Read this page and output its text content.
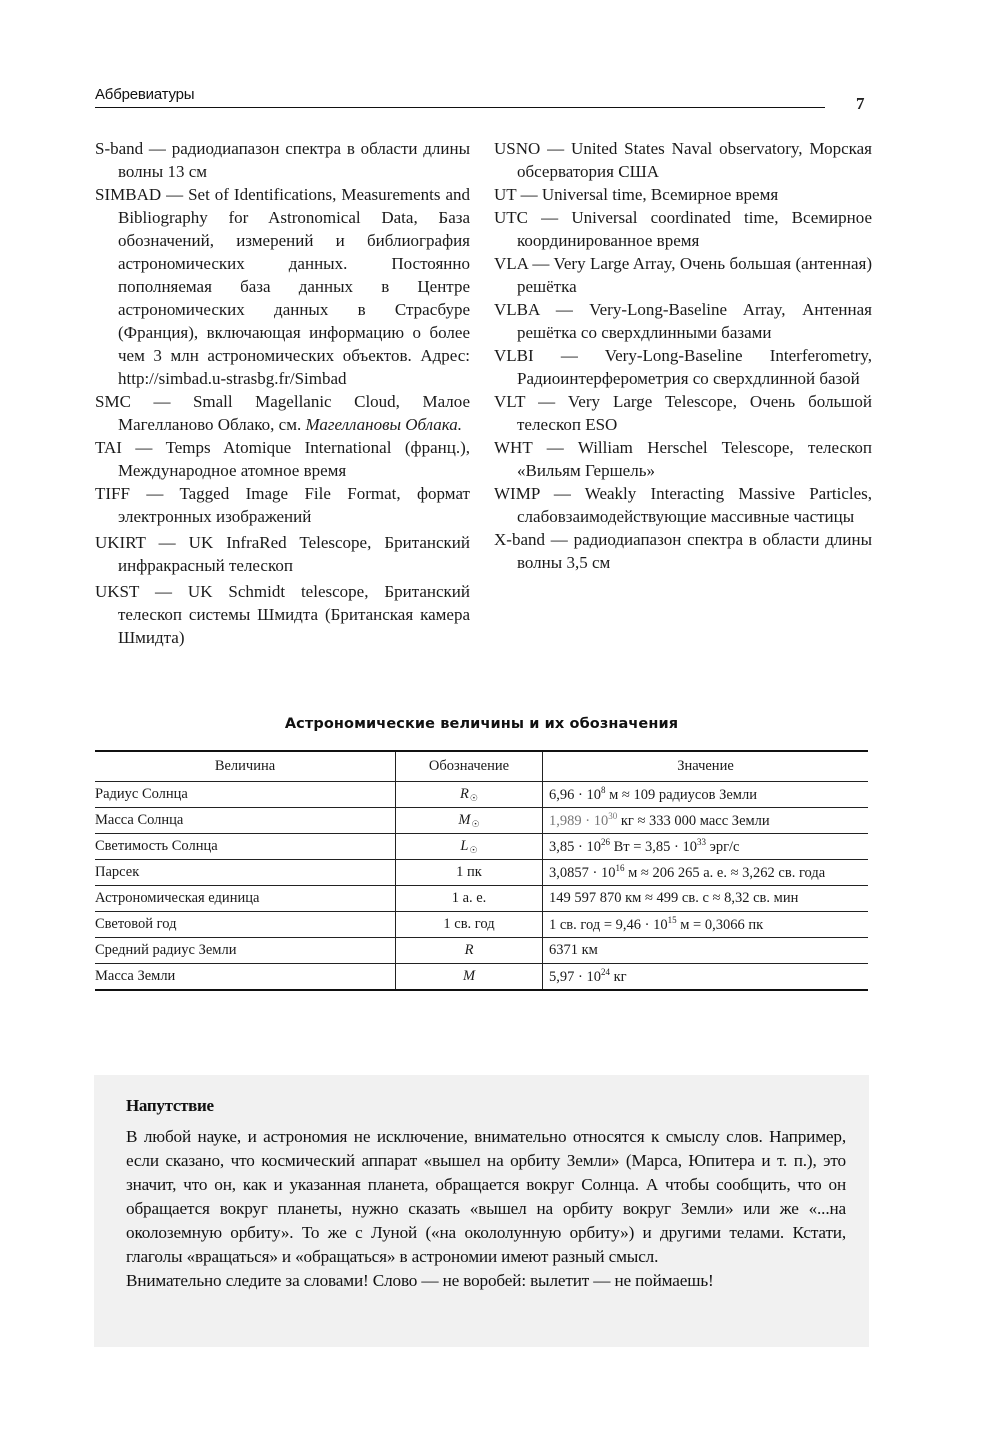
Аббревиатуры	7

S-band — радиодиапазон спектра в области длины волны 13 см

SIMBAD — Set of Identifications, Measurements and Bibliography for Astronomical Data, База обозначений, измерений и библиография астрономических данных. Постоянно пополняемая база данных в Центре астрономических данных в Страсбуре (Франция), включающая информацию о более чем 3 млн астрономических объектов. Адрес: http://simbad.u-strasbg.fr/Simbad

SMC — Small Magellanic Cloud, Малое Магелланово Облако, см. Магеллановы Облака.

TAI — Temps Atomique International (франц.), Международное атомное время

TIFF — Tagged Image File Format, формат электронных изображений

UKIRT — UK InfraRed Telescope, Британский инфракрасный телескоп

UKST — UK Schmidt telescope, Британский телескоп системы Шмидта (Британская камера Шмидта)

USNO — United States Naval observatory, Морская обсерватория США

UT — Universal time, Всемирное время

UTC — Universal coordinated time, Всемирное координированное время

VLA — Very Large Array, Очень большая (антенная) решётка

VLBA — Very-Long-Baseline Array, Антенная решётка со сверхдлинными базами

VLBI — Very-Long-Baseline Interferometry, Радиоинтерферометрия со сверхдлинной базой

VLT — Very Large Telescope, Очень большой телескоп ESO

WHT — William Herschel Telescope, телескоп «Вильям Гершель»

WIMP — Weakly Interacting Massive Particles, слабовзаимодействующие массивные частицы

X-band — радиодиапазон спектра в области длины волны 3,5 см

Астрономические величины и их обозначения
Величина	Обозначение	Значение
Радиус Солнца	$R_☉$	$6,96 \cdot 10^8$ м ≈ 109 радиусов Земли
Масса Солнца	$M_☉$	$1,989 \cdot 10^{30}$ кг ≈ 333 000 масс Земли
Светимость Солнца	$L_☉$	$3,85 \cdot 10^{26}$ Вт = $3,85 \cdot 10^{33}$ эрг/с
Парсек	1 пк	$3,0857 \cdot 10^{16}$ м ≈ 206 265 а. е. ≈ 3,262 св. года
Астрономическая единица	1 а. е.	149 597 870 км ≈ 499 св. с ≈ 8,32 св. мин
Световой год	1 св. год	1 св. год = $9,46 \cdot 10^{15}$ м = 0,3066 пк
Средний радиус Земли	R	6371 км
Масса Земли	M	$5,97 \cdot 10^{24}$ кг
Напутствие

В любой науке, и астрономия не исключение, внимательно относятся к смыслу слов. Например, если сказано, что космический аппарат «вышел на орбиту Земли» (Марса, Юпитера и т. п.), это значит, что он, как и указанная планета, обращается вокруг Солнца. А чтобы сообщить, что он обращается вокруг планеты, нужно сказать «вышел на орбиту вокруг Земли» или же «...на околоземную орбиту». То же с Луной («на окололунную орбиту») и другими телами. Кстати, глаголы «вращаться» и «обращаться» в астрономии имеют разный смысл.

Внимательно следите за словами! Слово — не воробей: вылетит — не поймаешь!
